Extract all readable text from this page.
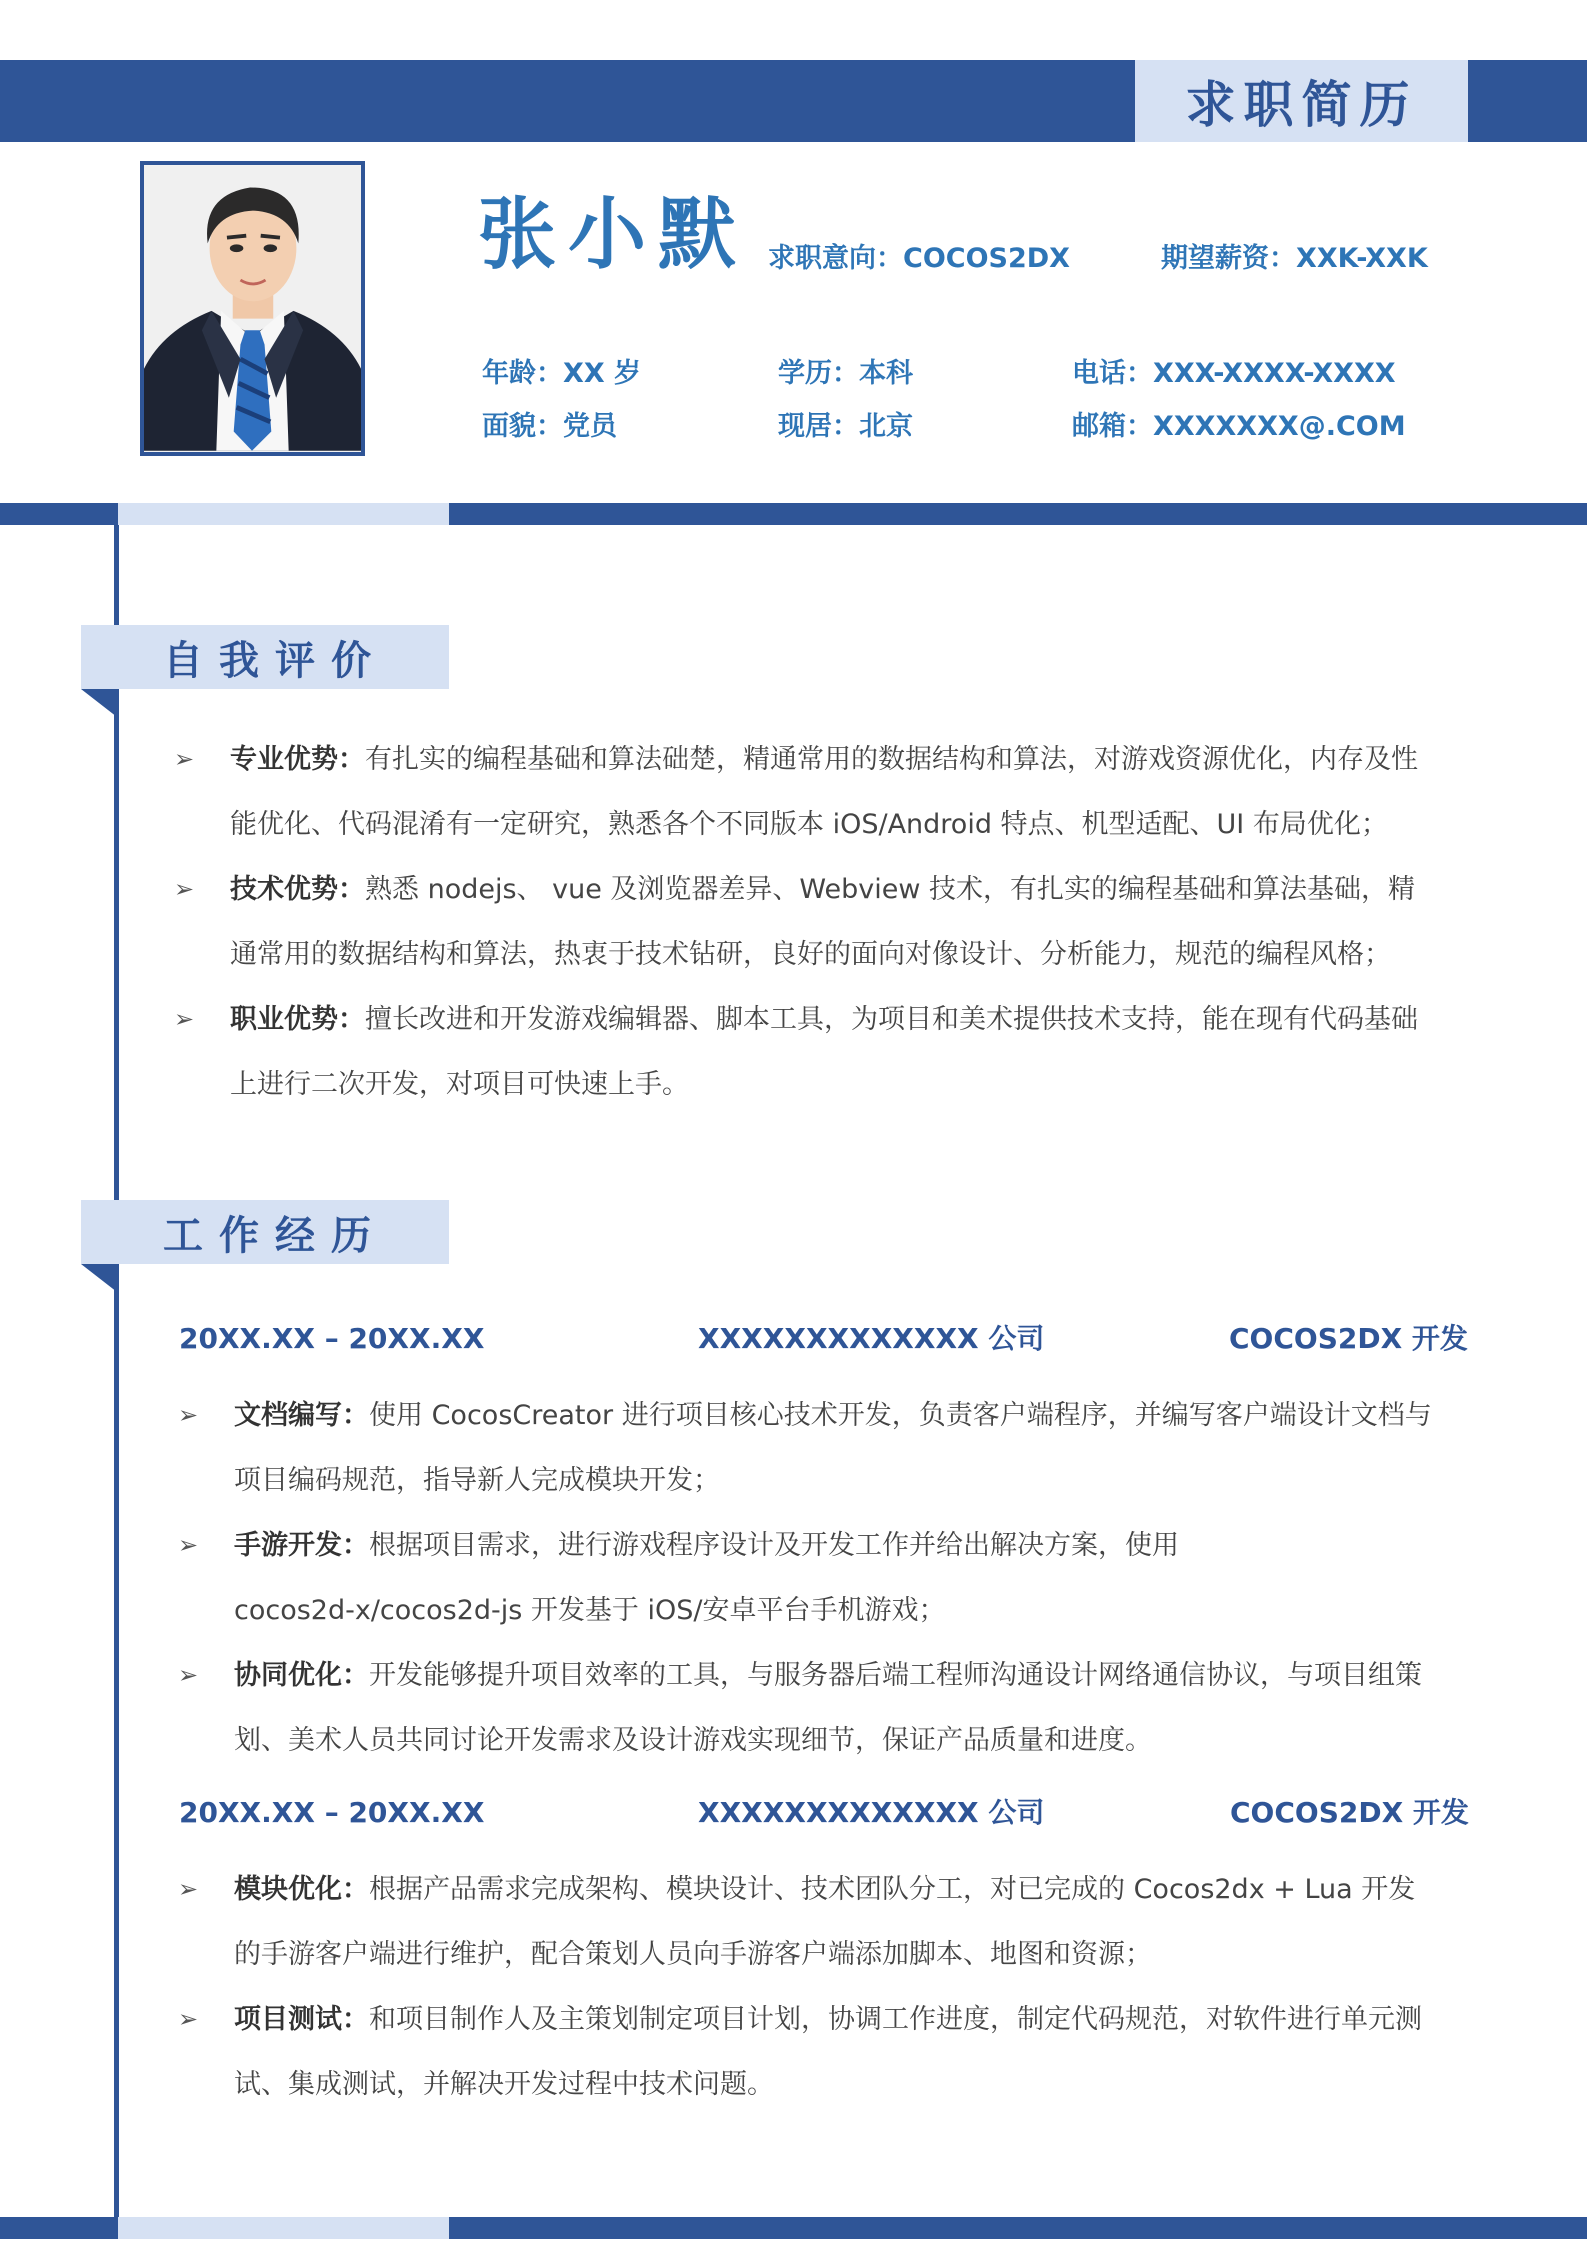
求职简历
张小默 求职意向：COCOS2DX	期望薪资：XXK-XXK
年龄：XX 岁	学历：本科	电话：XXX-XXXX-XXXX
面貌：党员	现居：北京	邮箱：XXXXXXX@.COM
自我评价
➢ 专业优势：有扎实的编程基础和算法础楚，精通常用的数据结构和算法，对游戏资源优化，内存及性能优化、代码混淆有一定研究，熟悉各个不同版本 iOS/Android 特点、机型适配、UI 布局优化；
➢ 技术优势：熟悉 nodejs、 vue 及浏览器差异、Webview 技术，有扎实的编程基础和算法基础，精通常用的数据结构和算法，热衷于技术钻研，良好的面向对像设计、分析能力，规范的编程风格；
➢ 职业优势：擅长改进和开发游戏编辑器、脚本工具，为项目和美术提供技术支持，能在现有代码基础上进行二次开发，对项目可快速上手。
工作经历
20XX.XX – 20XX.XX	XXXXXXXXXXXXX 公司	COCOS2DX 开发
➢ 文档编写：使用 CocosCreator 进行项目核心技术开发，负责客户端程序，并编写客户端设计文档与项目编码规范，指导新人完成模块开发；
➢ 手游开发：根据项目需求，进行游戏程序设计及开发工作并给出解决方案，使用cocos2d-x/cocos2d-js 开发基于 iOS/安卓平台手机游戏；
➢ 协同优化：开发能够提升项目效率的工具，与服务器后端工程师沟通设计网络通信协议，与项目组策划、美术人员共同讨论开发需求及设计游戏实现细节，保证产品质量和进度。
20XX.XX – 20XX.XX	XXXXXXXXXXXXX 公司	COCOS2DX 开发
➢ 模块优化：根据产品需求完成架构、模块设计、技术团队分工，对已完成的 Cocos2dx + Lua 开发的手游客户端进行维护，配合策划人员向手游客户端添加脚本、地图和资源；
➢ 项目测试：和项目制作人及主策划制定项目计划，协调工作进度，制定代码规范，对软件进行单元测试、集成测试，并解决开发过程中技术问题。
